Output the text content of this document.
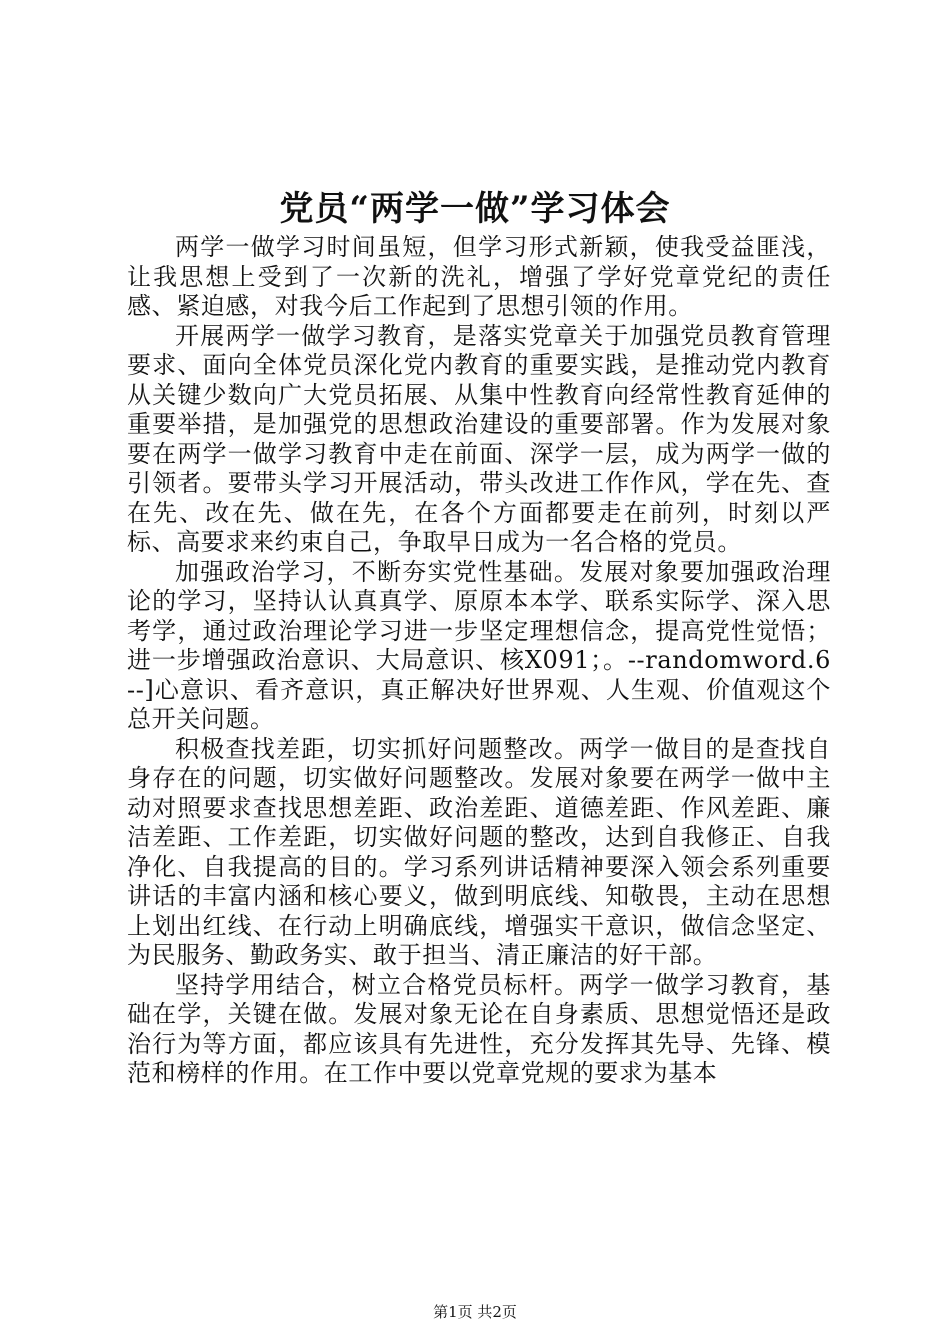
党员“两学一做”学习体会

两学一做学习时间虽短，但学习形式新颖，使我受益匪浅，让我思想上受到了一次新的洗礼，增强了学好党章党纪的责任感、紧迫感，对我今后工作起到了思想引领的作用。

开展两学一做学习教育，是落实党章关于加强党员教育管理要求、面向全体党员深化党内教育的重要实践，是推动党内教育从关键少数向广大党员拓展、从集中性教育向经常性教育延伸的重要举措，是加强党的思想政治建设的重要部署。作为发展对象要在两学一做学习教育中走在前面、深学一层，成为两学一做的引领者。要带头学习开展活动，带头改进工作作风，学在先、查在先、改在先、做在先，在各个方面都要走在前列，时刻以严标、高要求来约束自己，争取早日成为一名合格的党员。

加强政治学习，不断夯实党性基础。发展对象要加强政治理论的学习，坚持认认真真学、原原本本学、联系实际学、深入思考学，通过政治理论学习进一步坚定理想信念，提高党性觉悟；进一步增强政治意识、大局意识、核X091；。--randomword.6--]心意识、看齐意识，真正解决好世界观、人生观、价值观这个总开关问题。

积极查找差距，切实抓好问题整改。两学一做目的是查找自身存在的问题，切实做好问题整改。发展对象要在两学一做中主动对照要求查找思想差距、政治差距、道德差距、作风差距、廉洁差距、工作差距，切实做好问题的整改，达到自我修正、自我净化、自我提高的目的。学习系列讲话精神要深入领会系列重要讲话的丰富内涵和核心要义，做到明底线、知敬畏，主动在思想上划出红线、在行动上明确底线，增强实干意识，做信念坚定、为民服务、勤政务实、敢于担当、清正廉洁的好干部。

坚持学用结合，树立合格党员标杆。两学一做学习教育，基础在学，关键在做。发展对象无论在自身素质、思想觉悟还是政治行为等方面，都应该具有先进性，充分发挥其先导、先锋、模范和榜样的作用。在工作中要以党章党规的要求为基本

第1页 共2页
